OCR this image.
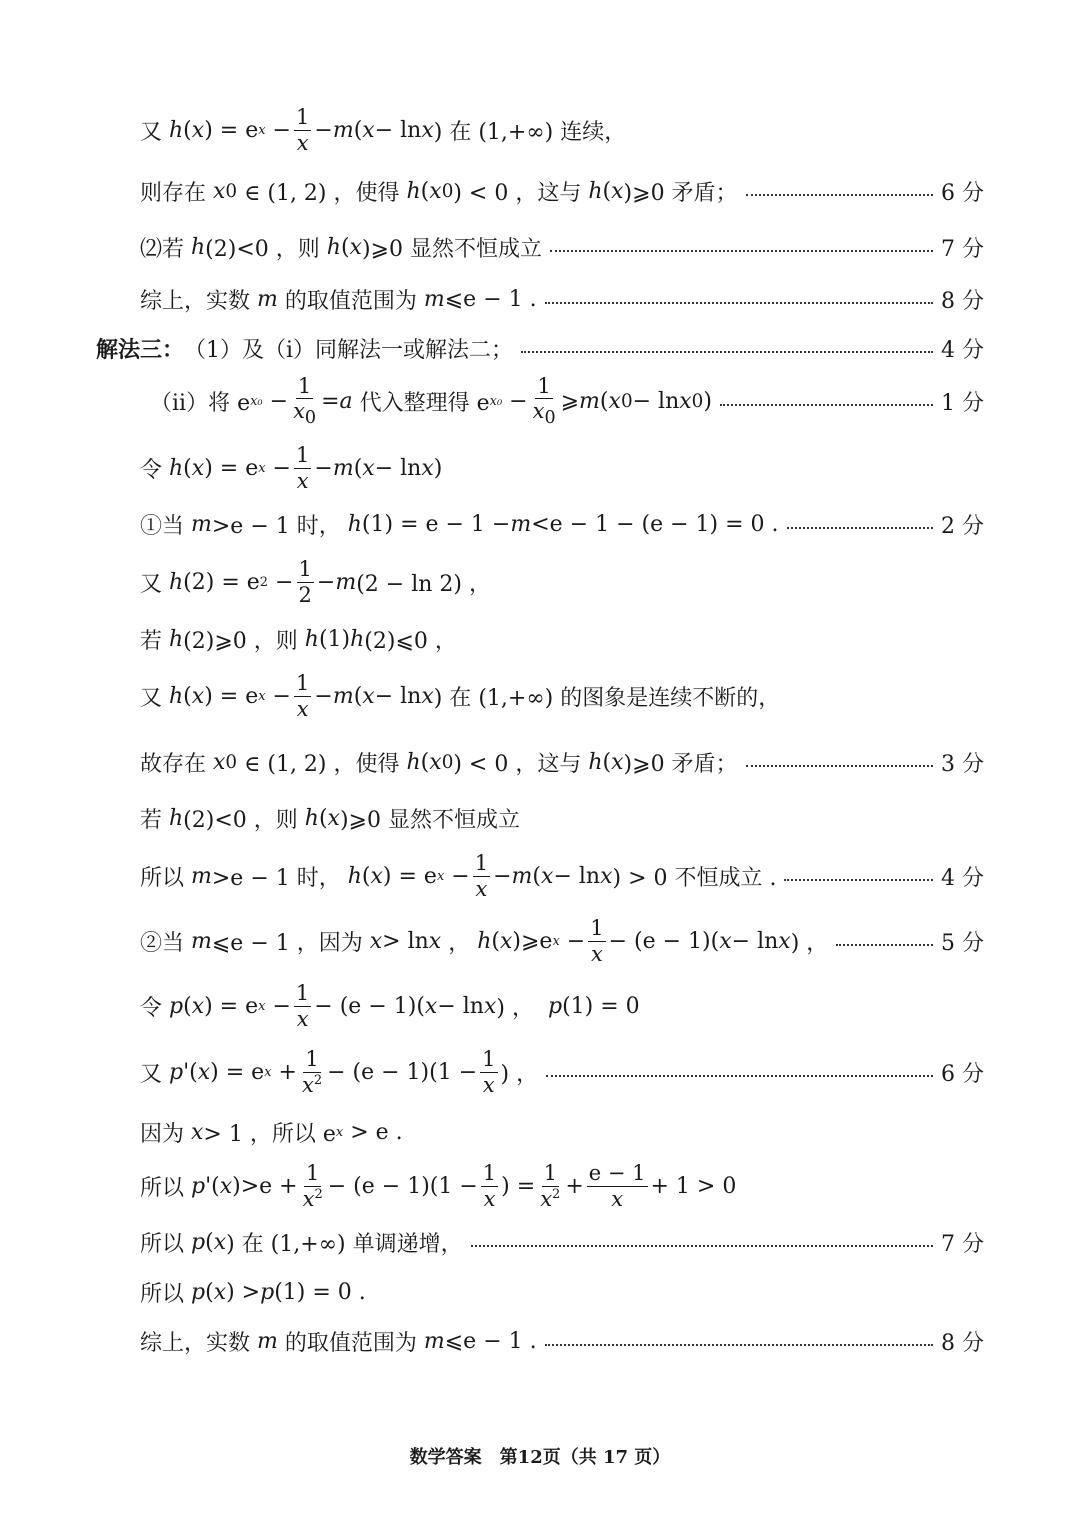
又 h ( x ) = e $x - \frac{1}{x} - m$ ( x − ln x ) 在 (1,+∞) 连续，
则存在 x 0 ∈ (1, 2) ，使得 h ( x 0 ) < 0 ，这与 h ( x )⩾0 矛盾；	6 分
⑵若 h (2)<0 ，则 h ( x )⩾0 显然不恒成立	7 分
综上，实数 m 的取值范围为 m ⩽e − 1 .	8 分
解法三： （1）及（i）同解法一或解法二；	4 分
（ii）将 e $x_0 - \frac{1}{x_0} = a$ 代入整理得 e $x_0 - \frac{1}{x_0}$ ⩾ m ( x 0 − ln x 0 )	1 分
令 h ( x ) = e $x - \frac{1}{x} - m$ ( x − ln x )
①当 m >e − 1 时， h (1) = e − 1 − m <e − 1 − (e − 1) = 0 .	2 分
又 h (2) = e $2 - \frac{1}{2} - m$ (2 − ln 2) ，
若 h (2)⩾0 ，则 h (1) h (2)⩽0 ，
又 h ( x ) = e $x - \frac{1}{x} - m$ ( x − ln x ) 在 (1,+∞) 的图象是连续不断的，
故存在 x 0 ∈ (1, 2) ，使得 h ( x 0 ) < 0 ，这与 h ( x )⩾0 矛盾；	3 分
若 h (2)<0 ，则 h ( x )⩾0 显然不恒成立
所以 m >e − 1 时， h ( x ) = e $x - \frac{1}{x} - m$ ( x − ln x ) > 0 不恒成立 .	4 分
②当 m ⩽e − 1 ，因为 x > ln x ， h ( x )⩾e $x - \frac{1}{x} - (e - 1)$( x − ln x ) ，	5 分
令 p ( x ) = e $x - \frac{1}{x} - (e - 1)$( x − ln x ) ， p (1) = 0
又 p '( x ) = e $x + \frac{1}{x^2} - (e - 1)(1 - \frac{1}{x}$ ) ，	6 分
因为 x > 1 ，所以 e x > e .
所以 p '( x )$>e + \frac{1}{x^2} - (e - 1)(1 - \frac{1}{x}$ ) = $\frac{1}{x^2} + \frac{e - 1}{x} + 1 > 0$
所以 p ( x ) 在 (1,+∞) 单调递增，	7 分
所以 p ( x ) > p (1) = 0 .
综上，实数 m 的取值范围为 m ⩽e − 1 .	8 分
数学答案　第12页（共 17 页）
